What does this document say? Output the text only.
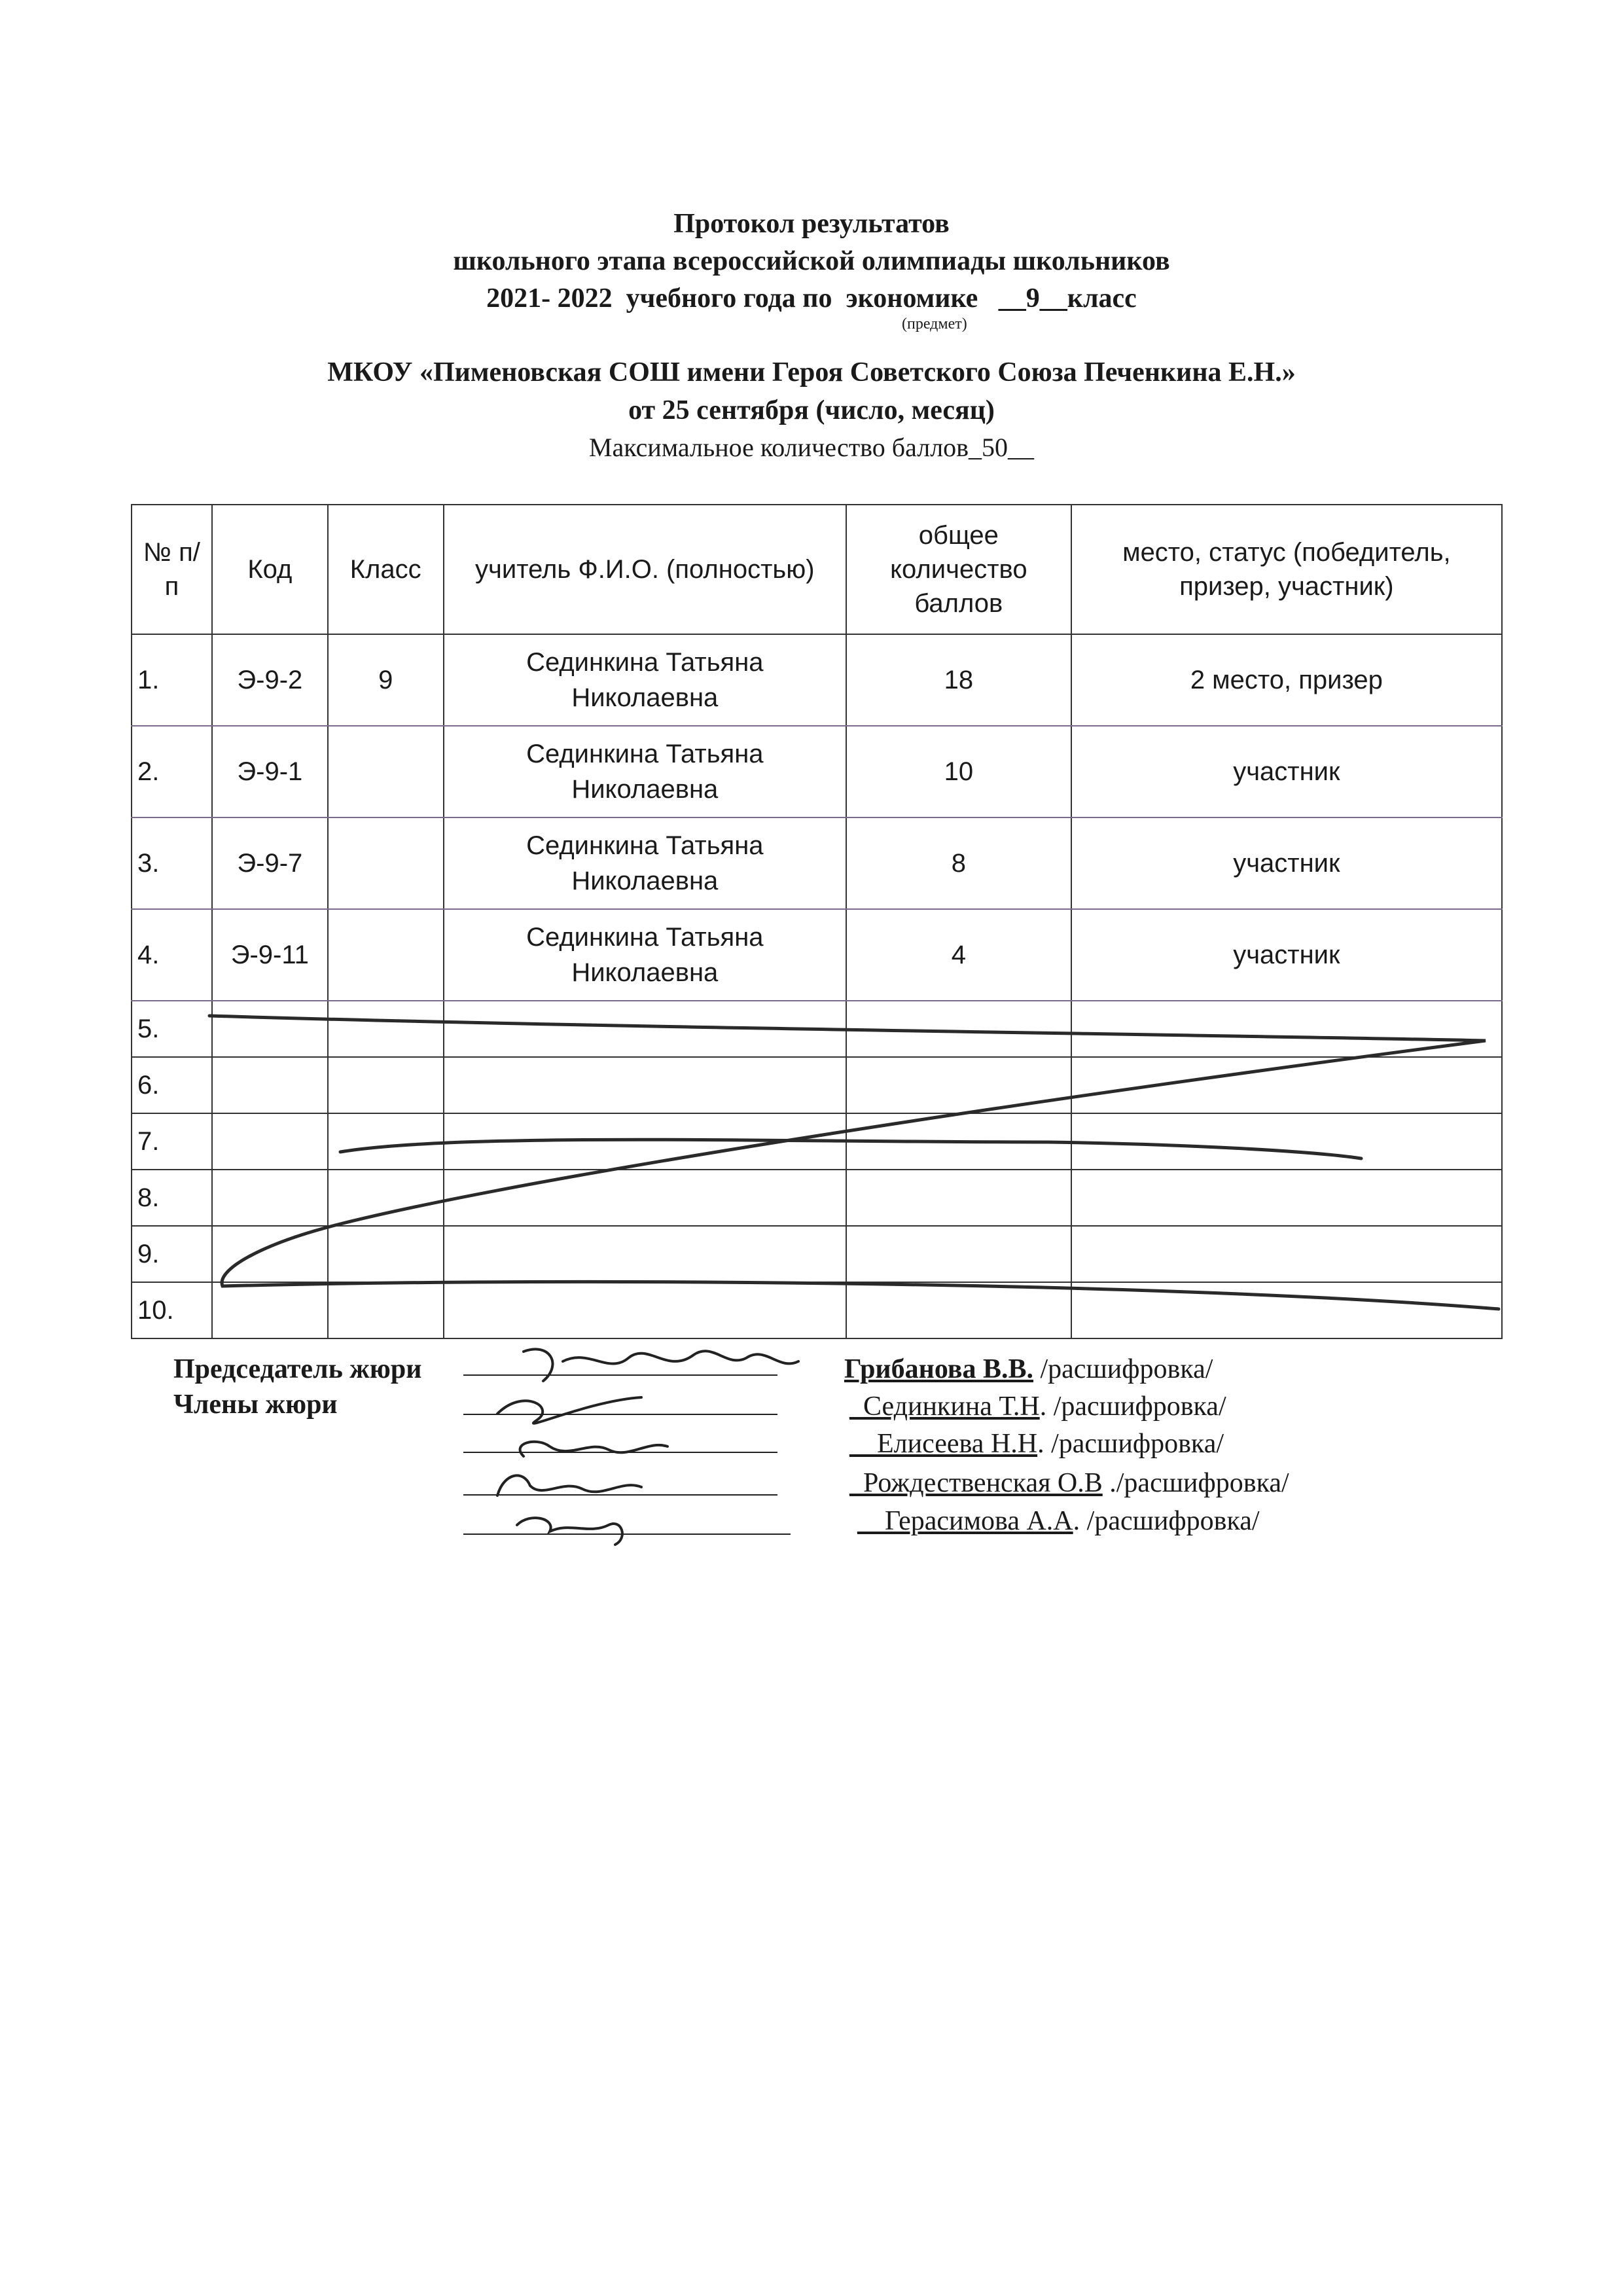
Протокол результатов
школьного этапа всероссийской олимпиады школьников
2021- 2022  учебного года по  экономике   __9__класс
(предмет)
МКОУ «Пименовская СОШ имени Героя Советского Союза Печенкина Е.Н.»
от 25 сентября (число, месяц)
Максимальное количество баллов_50__
№ п/п	Код	Класс	учитель Ф.И.О. (полностью)	общее количество баллов	место, статус (победитель, призер, участник)
1.	Э-9-2	9	Сединкина Татьяна Николаевна	18	2 место, призер
2.	Э-9-1		Сединкина Татьяна Николаевна	10	участник
3.	Э-9-7		Сединкина Татьяна Николаевна	8	участник
4.	Э-9-11		Сединкина Татьяна Николаевна	4	участник
5.					
6.					
7.					
8.					
9.					
10.					
Председатель жюри
Члены жюри
Грибанова В.В. /расшифровка/
_Сединкина Т.Н. /расшифровка/
__Елисеева Н.Н. /расшифровка/
_Рождественская О.В ./расшифровка/
__Герасимова А.А. /расшифровка/
